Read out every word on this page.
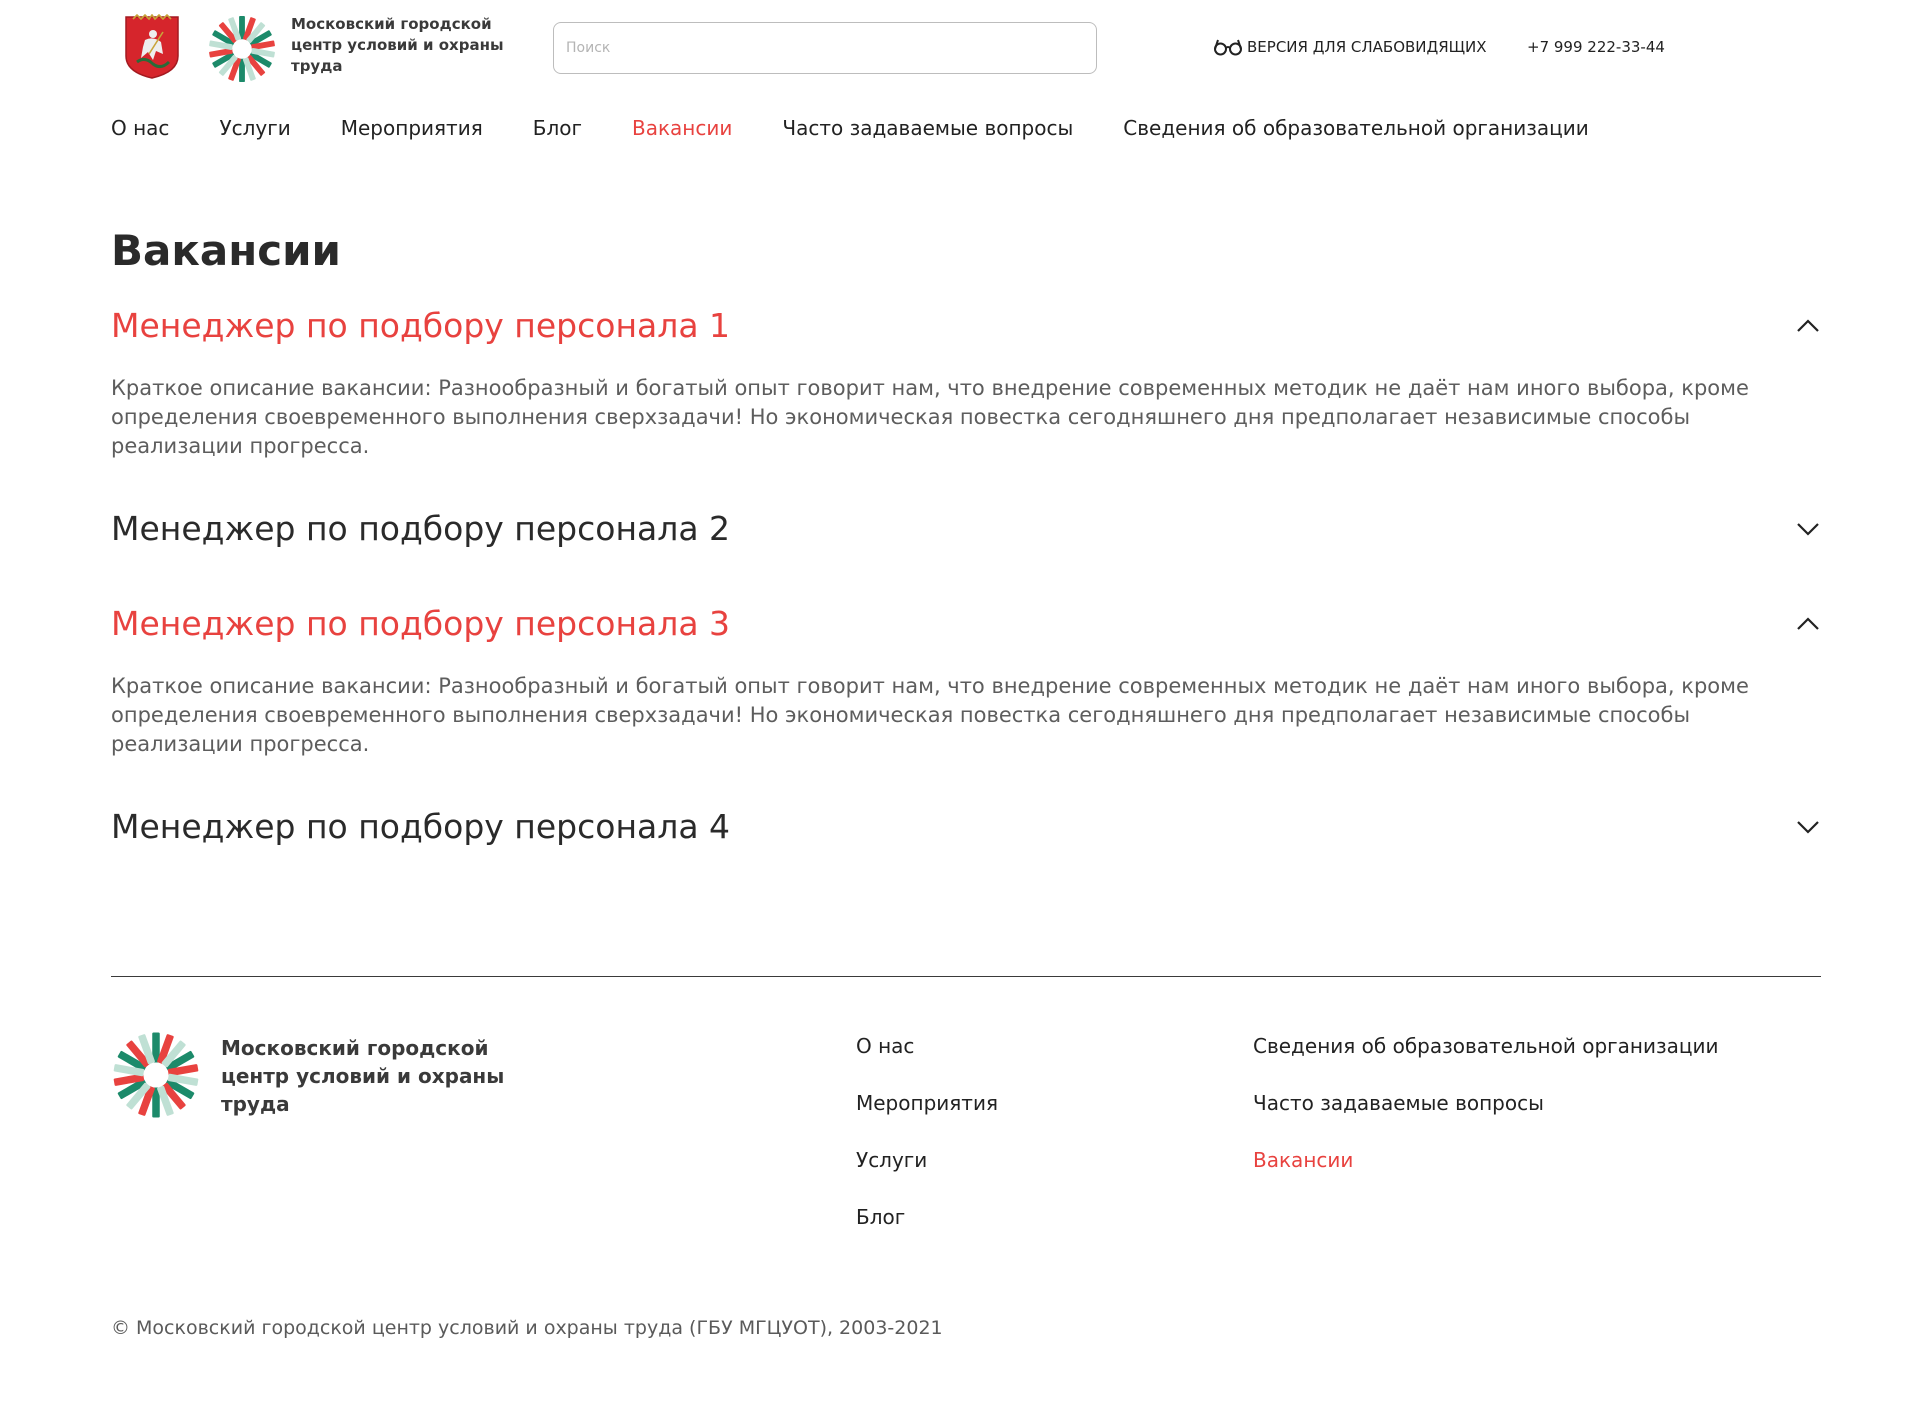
Московский городской центр условий и охраны труда
Поиск
ВЕРСИЯ ДЛЯ СЛАБОВИДЯЩИХ	+7 999 222-33-44
О нас	Услуги	Мероприятия	Блог	Вакансии	Часто задаваемые вопросы	Сведения об образовательной организации
Вакансии
Менеджер по подбору персонала 1

Краткое описание вакансии: Разнообразный и богатый опыт говорит нам, что внедрение современных методик не даёт нам иного выбора, кроме определения своевременного выполнения сверхзадачи! Но экономическая повестка сегодняшнего дня предполагает независимые способы реализации прогресса.

Менеджер по подбору персонала 2
Менеджер по подбору персонала 3

Краткое описание вакансии: Разнообразный и богатый опыт говорит нам, что внедрение современных методик не даёт нам иного выбора, кроме определения своевременного выполнения сверхзадачи! Но экономическая повестка сегодняшнего дня предполагает независимые способы реализации прогресса.

Менеджер по подбору персонала 4
Московский городской центр условий и охраны труда
О нас
Мероприятия
Услуги
Блог
Сведения об образовательной организации
Часто задаваемые вопросы
Вакансии
© Московский городской центр условий и охраны труда (ГБУ МГЦУОТ), 2003-2021
